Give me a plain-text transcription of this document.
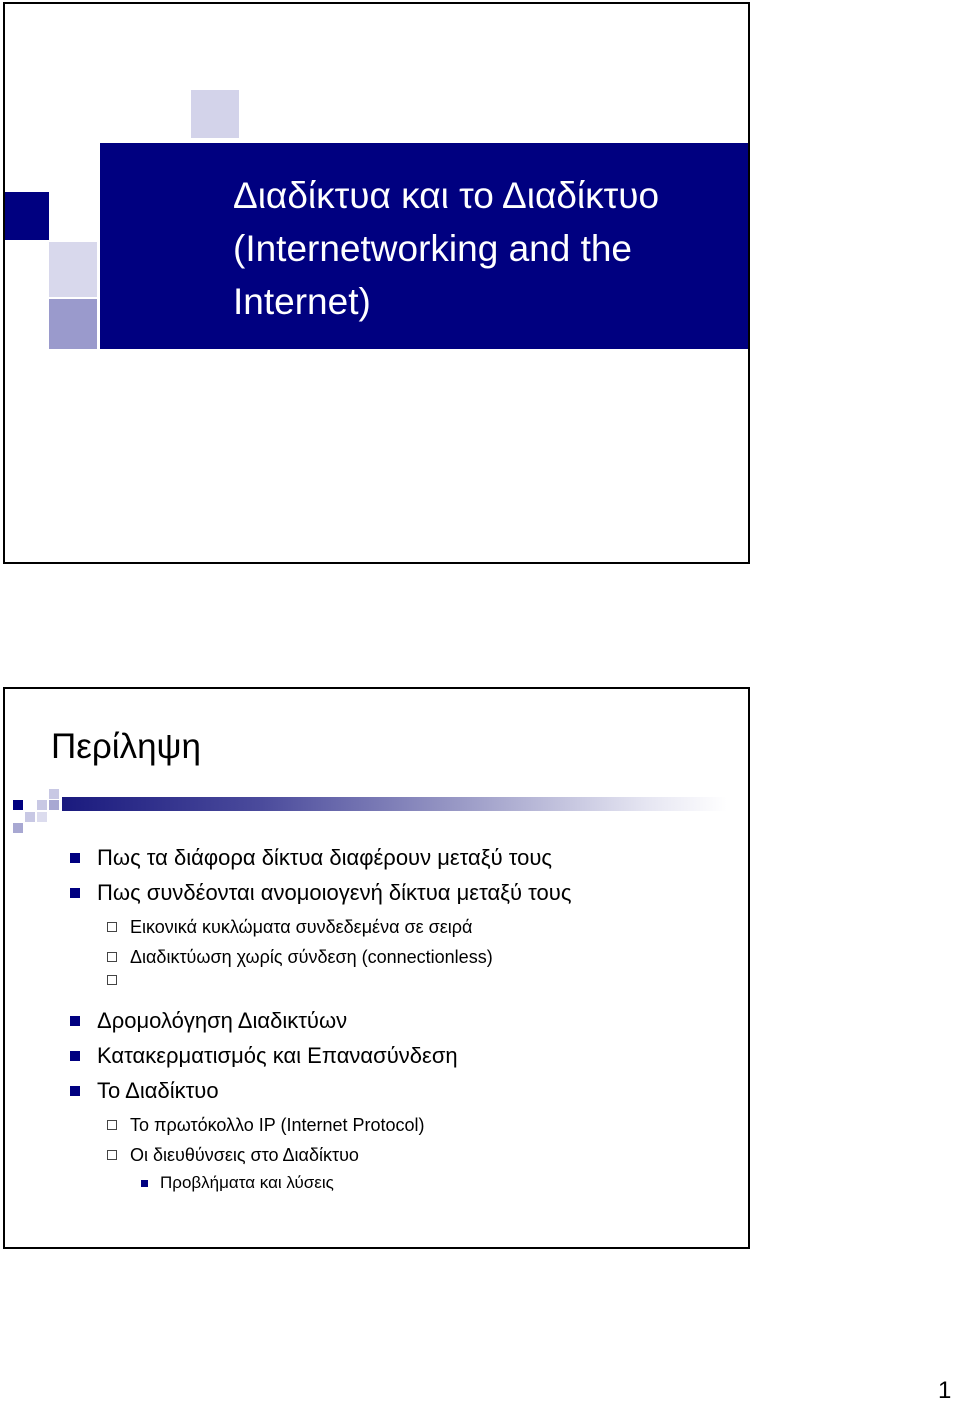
Διαδίκτυα και το Διαδίκτυο
(Internetworking and the
Internet)
Περίληψη
Πως τα διάφορα δίκτυα διαφέρουν μεταξύ τους
Πως συνδέονται ανομοιογενή δίκτυα μεταξύ τους
Εικονικά κυκλώματα συνδεδεμένα σε σειρά
Διαδικτύωση χωρίς σύνδεση (connectionless)
Δρομολόγηση Διαδικτύων
Κατακερματισμός και Επανασύνδεση
Το Διαδίκτυο
Το πρωτόκολλο IP (Internet Protocol)
Οι διευθύνσεις στο Διαδίκτυο
Προβλήματα και λύσεις
1
